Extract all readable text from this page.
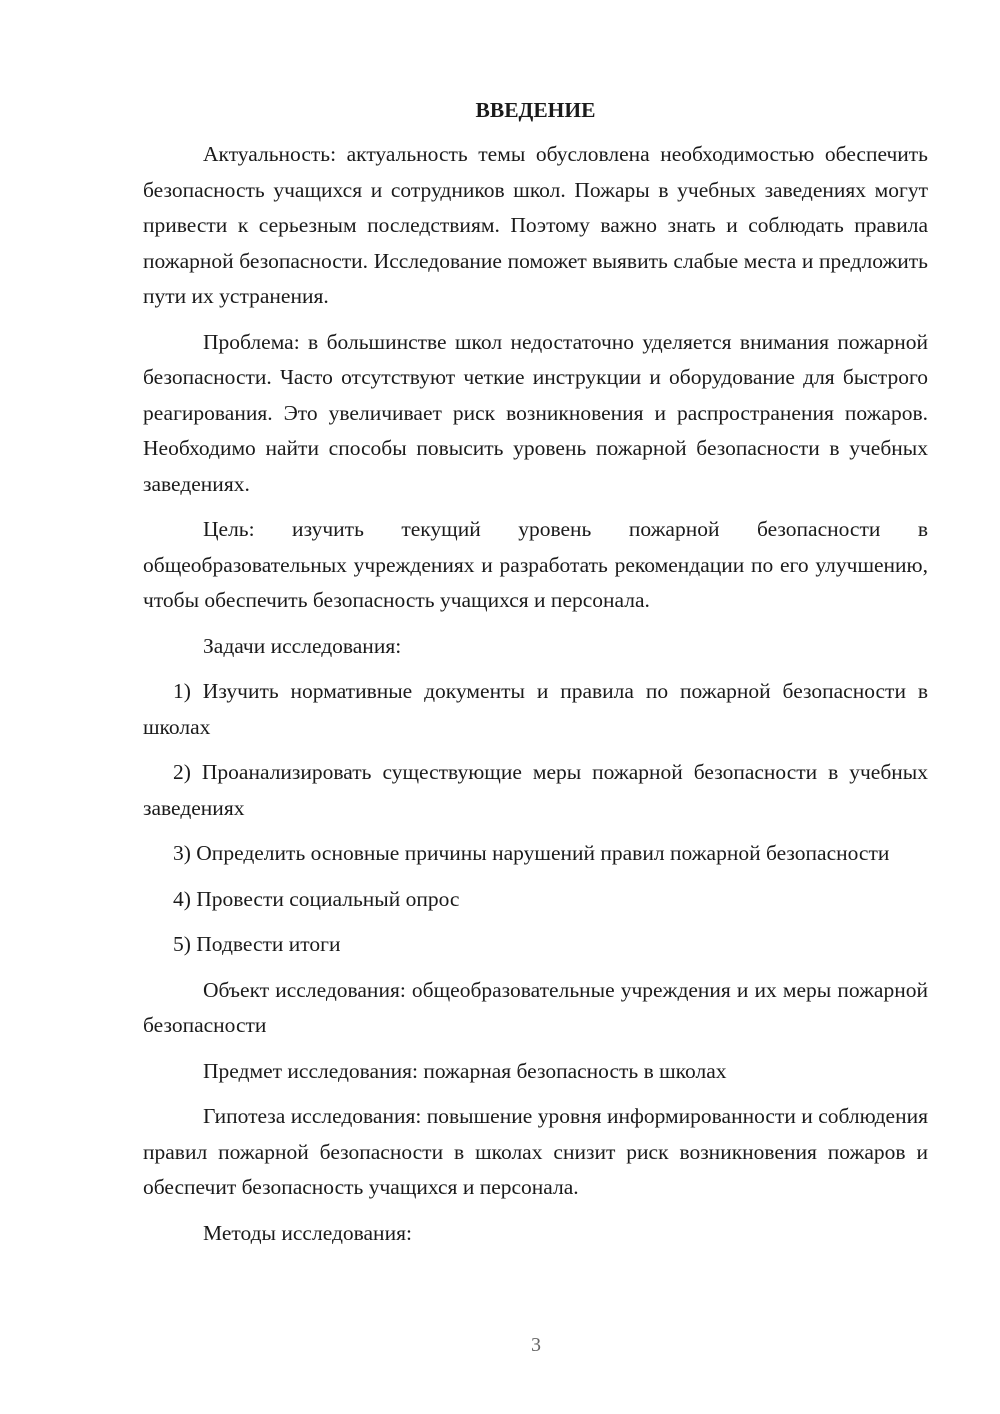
ВВЕДЕНИЕ

Актуальность: актуальность темы обусловлена необходимостью обеспечить безопасность учащихся и сотрудников школ. Пожары в учебных заведениях могут привести к серьезным последствиям. Поэтому важно знать и соблюдать правила пожарной безопасности. Исследование поможет выявить слабые места и предложить пути их устранения.

Проблема: в большинстве школ недостаточно уделяется внимания пожарной безопасности. Часто отсутствуют четкие инструкции и оборудование для быстрого реагирования. Это увеличивает риск возникновения и распространения пожаров. Необходимо найти способы повысить уровень пожарной безопасности в учебных заведениях.

Цель: изучить текущий уровень пожарной безопасности в общеобразовательных учреждениях и разработать рекомендации по его улучшению, чтобы обеспечить безопасность учащихся и персонала.

Задачи исследования:

1) Изучить нормативные документы и правила по пожарной безопасности в школах

2) Проанализировать существующие меры пожарной безопасности в учебных заведениях

3) Определить основные причины нарушений правил пожарной безопасности

4) Провести социальный опрос

5) Подвести итоги

Объект исследования: общеобразовательные учреждения и их меры пожарной безопасности

Предмет исследования: пожарная безопасность в школах

Гипотеза исследования: повышение уровня информированности и соблюдения правил пожарной безопасности в школах снизит риск возникновения пожаров и обеспечит безопасность учащихся и персонала.

Методы исследования:

3
